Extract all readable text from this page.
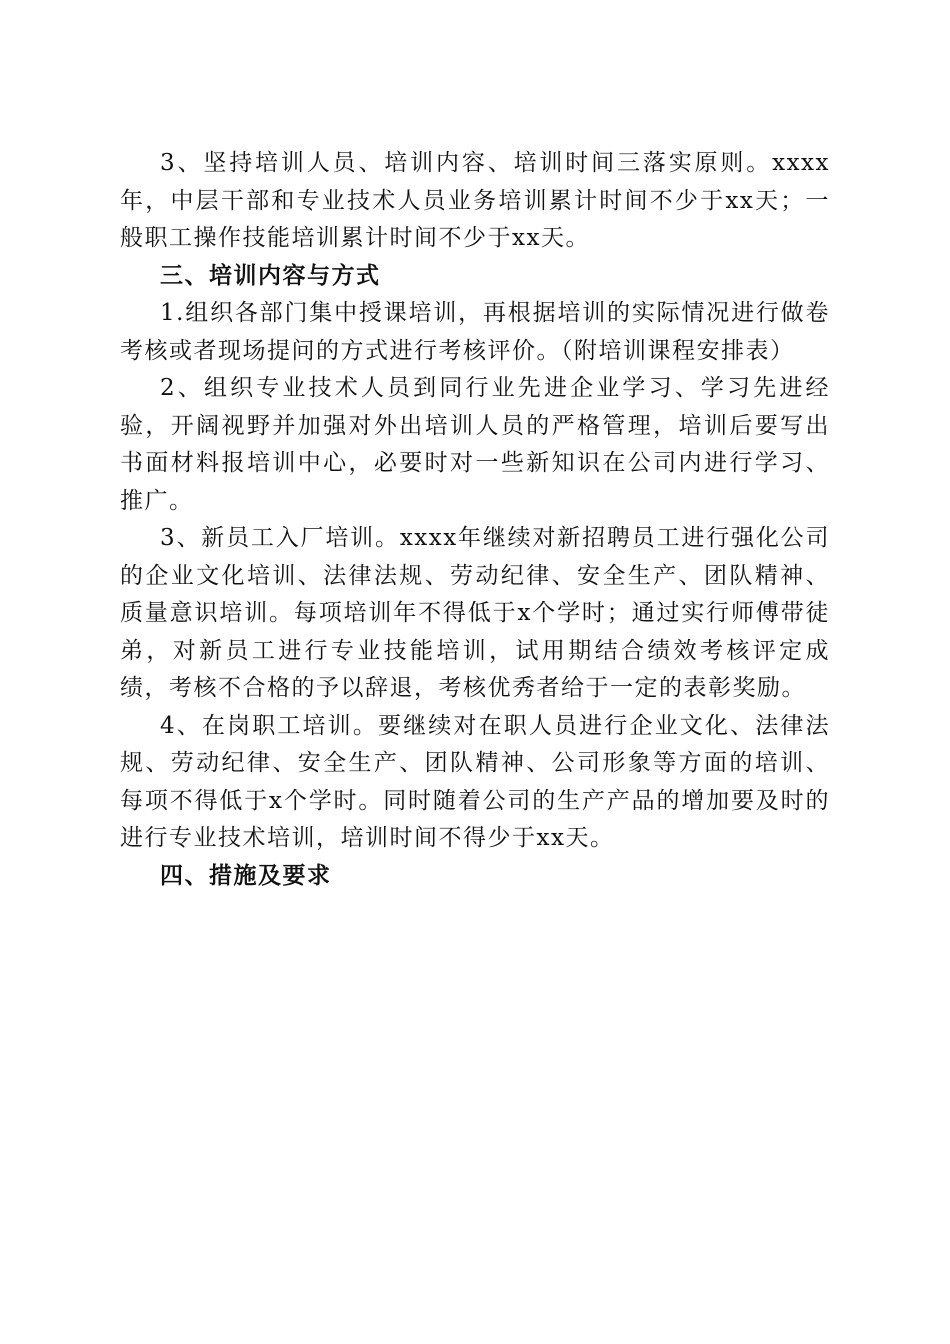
3、坚持培训人员、培训内容、培训时间三落实原则。xxxx年，中层干部和专业技术人员业务培训累计时间不少于xx天；一般职工操作技能培训累计时间不少于xx天。

三、培训内容与方式

1.组织各部门集中授课培训，再根据培训的实际情况进行做卷考核或者现场提问的方式进行考核评价。（附培训课程安排表）

2、组织专业技术人员到同行业先进企业学习、学习先进经验，开阔视野并加强对外出培训人员的严格管理，培训后要写出书面材料报培训中心，必要时对一些新知识在公司内进行学习、推广。

3、新员工入厂培训。xxxx年继续对新招聘员工进行强化公司的企业文化培训、法律法规、劳动纪律、安全生产、团队精神、质量意识培训。每项培训年不得低于x个学时；通过实行师傅带徒弟，对新员工进行专业技能培训，试用期结合绩效考核评定成绩，考核不合格的予以辞退，考核优秀者给于一定的表彰奖励。

4、在岗职工培训。要继续对在职人员进行企业文化、法律法规、劳动纪律、安全生产、团队精神、公司形象等方面的培训、每项不得低于x个学时。同时随着公司的生产产品的增加要及时的进行专业技术培训，培训时间不得少于xx天。

四、措施及要求
